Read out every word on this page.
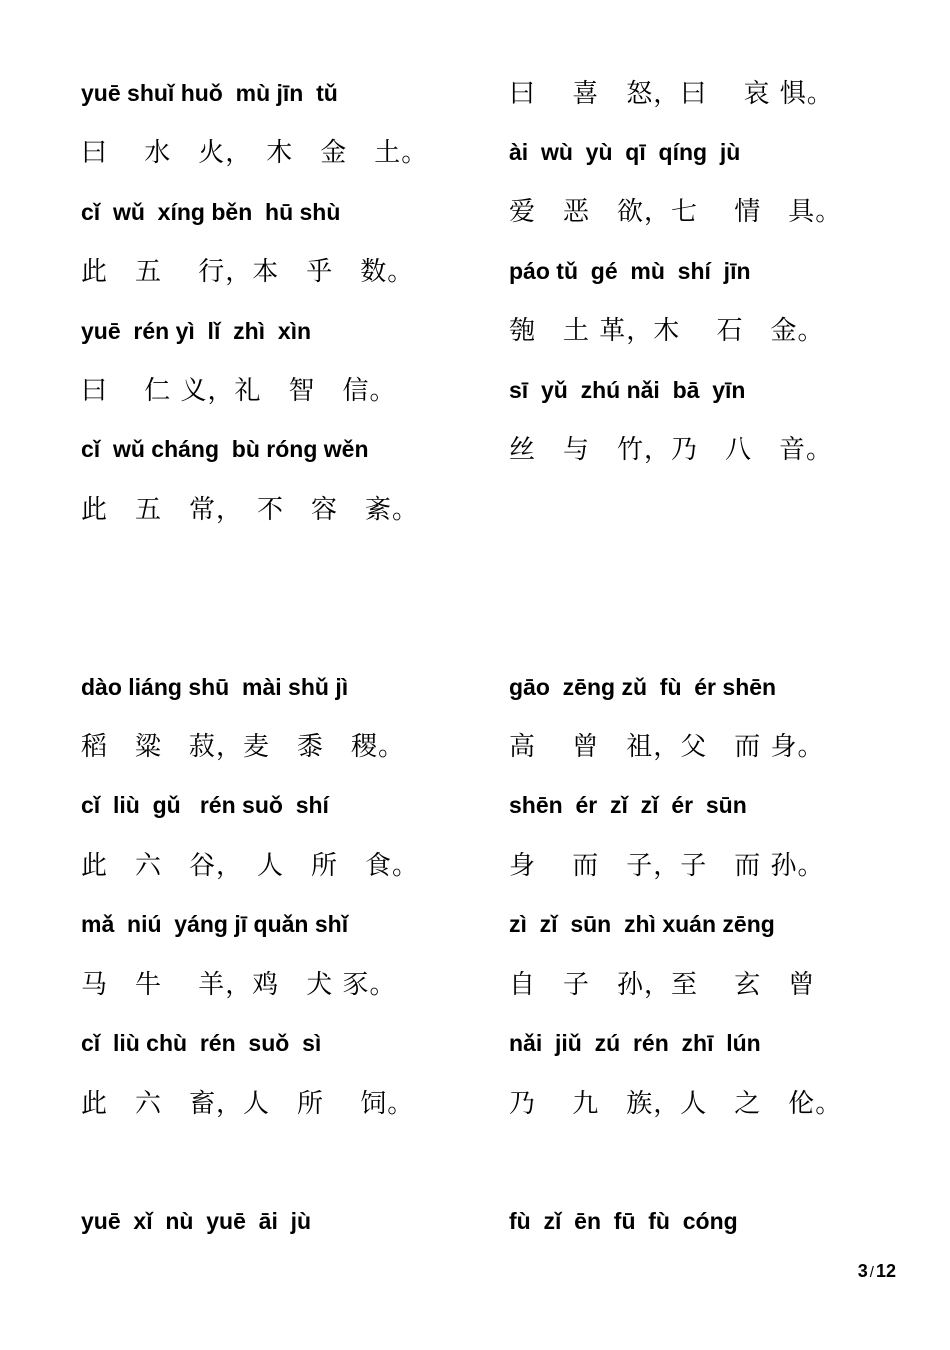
yuē shuǐ huǒ  mù jīn  tǔ
曰　 水　火，　木　金　土。
cǐ  wǔ  xíng běn  hū shù
此　五　 行，本　乎　数。
yuē  rén yì  lǐ  zhì  xìn
曰　 仁 义，礼　智　信。
cǐ  wǔ cháng  bù róng wěn
此　五　常，　不　容　紊。
dào liáng shū  mài shǔ jì
稻　粱　菽，麦　黍　稷。
cǐ  liù  gǔ   rén suǒ  shí
此　六　谷，　人　所　食。
mǎ  niú  yáng jī quǎn shǐ
马　牛　 羊，鸡　犬 豕。
cǐ  liù chù  rén  suǒ  sì
此　六　畜，人　所　 饲。
yuē  xǐ  nù  yuē  āi  jù
曰　 喜　怒，曰　 哀 惧。
ài  wù  yù  qī  qíng  jù
爱　恶　欲，七　 情　具。
páo tǔ  gé  mù  shí  jīn
匏　土 革，木　 石　金。
sī  yǔ  zhú nǎi  bā  yīn
丝　与　竹，乃　八　音。
gāo  zēng zǔ  fù  ér shēn
高　 曾　祖，父　而 身。
shēn  ér  zǐ  zǐ  ér  sūn
身　 而　子，子　而 孙。
zì  zǐ  sūn  zhì xuán zēng
自　子　孙，至　 玄　曾
nǎi  jiǔ  zú  rén  zhī  lún
乃　 九　族，人　之　伦。
fù  zǐ  ēn  fū  fù  cóng
3 / 12
